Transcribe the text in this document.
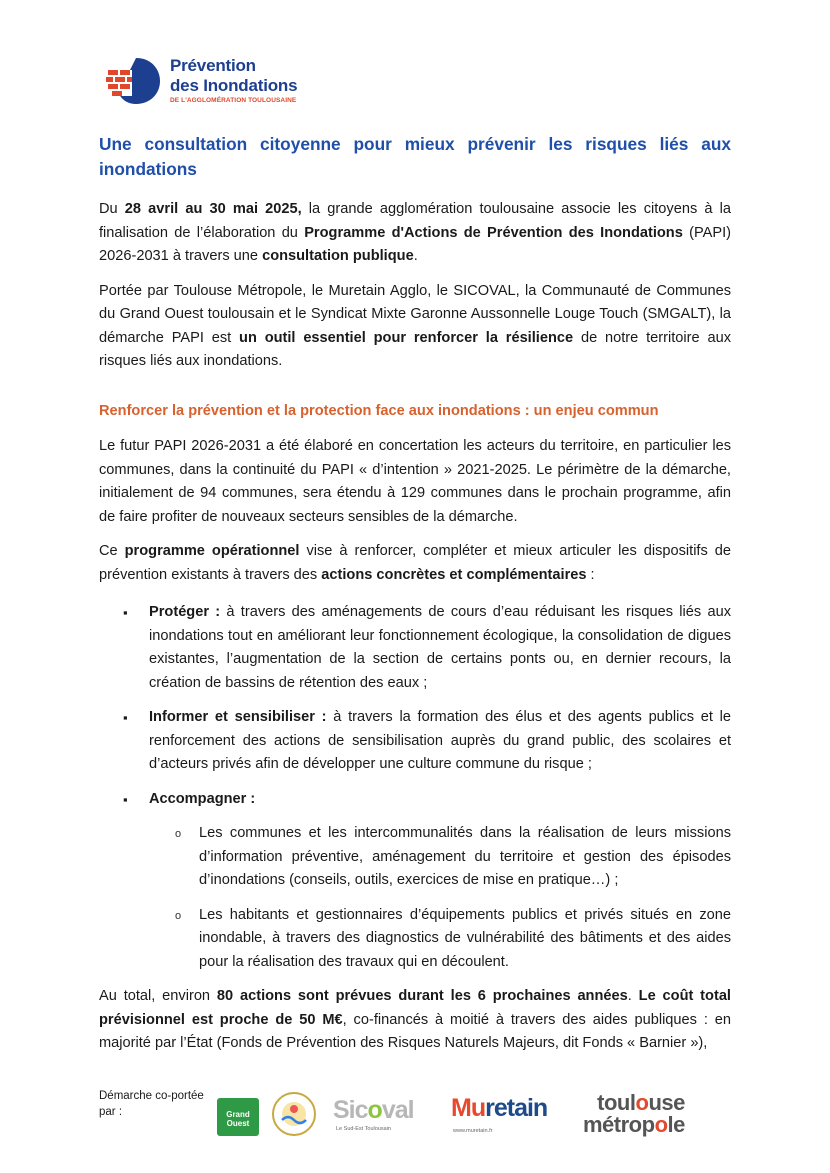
Prévention
des Inondations
DE L'AGGLOMÉRATION TOULOUSAINE

Une consultation citoyenne pour mieux prévenir les risques liés aux inondations

Du 28 avril au 30 mai 2025, la grande agglomération toulousaine associe les citoyens à la finalisation de l’élaboration du Programme d'Actions de Prévention des Inondations (PAPI) 2026-2031 à travers une consultation publique.

Portée par Toulouse Métropole, le Muretain Agglo, le SICOVAL, la Communauté de Communes du Grand Ouest toulousain et le Syndicat Mixte Garonne Aussonnelle Louge Touch (SMGALT), la démarche PAPI est un outil essentiel pour renforcer la résilience de notre territoire aux risques liés aux inondations.

Renforcer la prévention et la protection face aux inondations : un enjeu commun

Le futur PAPI 2026-2031 a été élaboré en concertation les acteurs du territoire, en particulier les communes, dans la continuité du PAPI « d’intention » 2021-2025. Le périmètre de la démarche, initialement de 94 communes, sera étendu à 129 communes dans le prochain programme, afin de faire profiter de nouveaux secteurs sensibles de la démarche.

Ce programme opérationnel vise à renforcer, compléter et mieux articuler les dispositifs de prévention existants à travers des actions concrètes et complémentaires :

▪ Protéger : à travers des aménagements de cours d’eau réduisant les risques liés aux inondations tout en améliorant leur fonctionnement écologique, la consolidation de digues existantes, l’augmentation de la section de certains ponts ou, en dernier recours, la création de bassins de rétention des eaux ;
▪ Informer et sensibiliser : à travers la formation des élus et des agents publics et le renforcement des actions de sensibilisation auprès du grand public, des scolaires et d’acteurs privés afin de développer une culture commune du risque ;
▪ Accompagner :
o Les communes et les intercommunalités dans la réalisation de leurs missions d’information préventive, aménagement du territoire et gestion des épisodes d’inondations (conseils, outils, exercices de mise en pratique…) ;
o Les habitants et gestionnaires d’équipements publics et privés situés en zone inondable, à travers des diagnostics de vulnérabilité des bâtiments et des aides pour la réalisation des travaux qui en découlent.

Au total, environ 80 actions sont prévues durant les 6 prochaines années. Le coût total prévisionnel est proche de 50 M€, co-financés à moitié à travers des aides publiques : en majorité par l’État (Fonds de Prévention des Risques Naturels Majeurs, dit Fonds « Barnier »),

Démarche co-portée par :	Grand Ouest	Sicoval
Le Sud-Est Toulousain
Muretain
www.muretain.fr
toulouse
métropole
